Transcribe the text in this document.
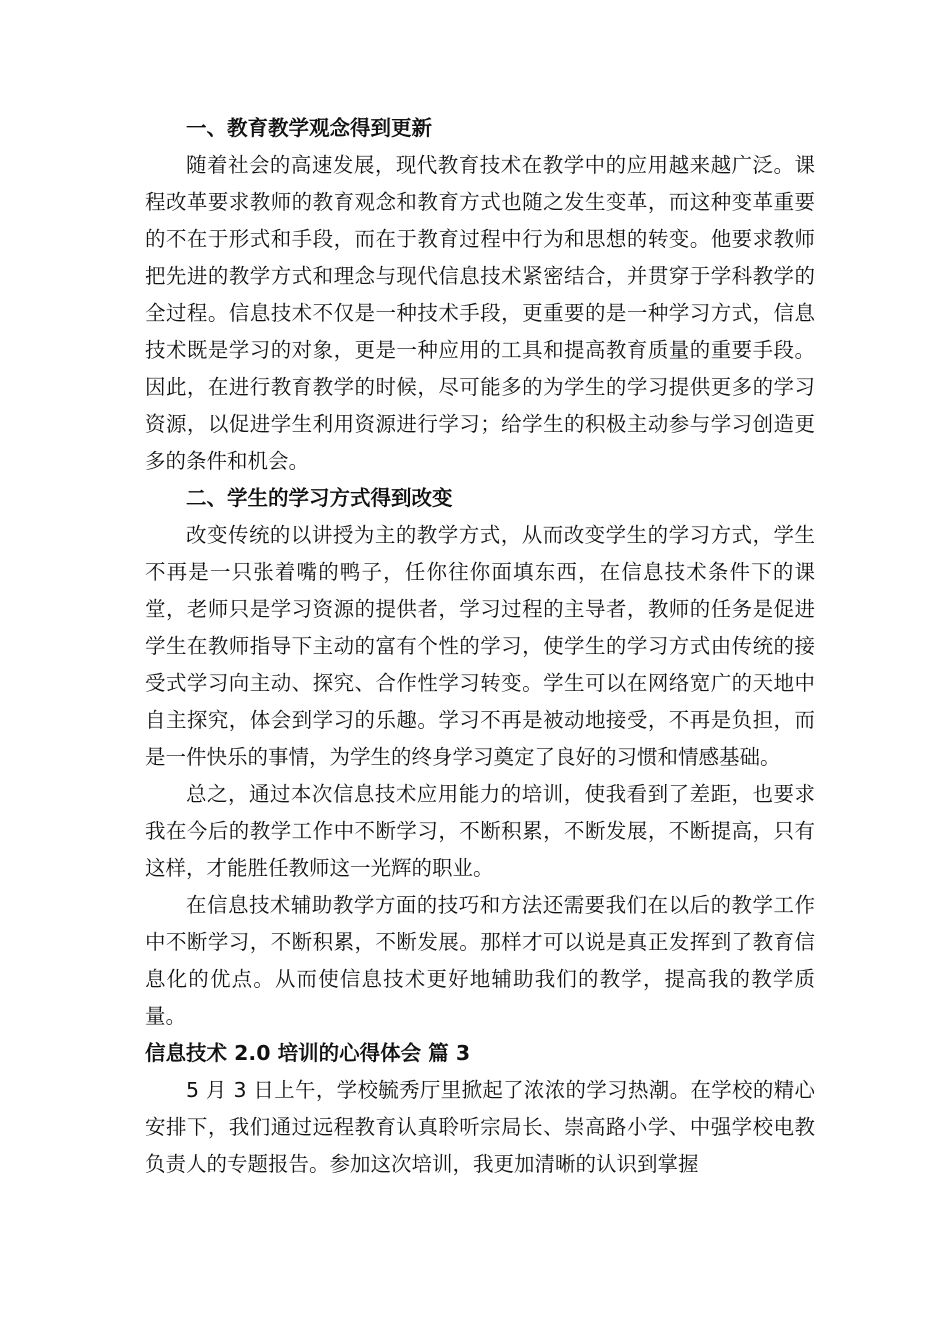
一、教育教学观念得到更新

随着社会的高速发展，现代教育技术在教学中的应用越来越广泛。课程改革要求教师的教育观念和教育方式也随之发生变革，而这种变革重要的不在于形式和手段，而在于教育过程中行为和思想的转变。他要求教师把先进的教学方式和理念与现代信息技术紧密结合，并贯穿于学科教学的全过程。信息技术不仅是一种技术手段，更重要的是一种学习方式，信息技术既是学习的对象，更是一种应用的工具和提高教育质量的重要手段。因此，在进行教育教学的时候，尽可能多的为学生的学习提供更多的学习资源，以促进学生利用资源进行学习；给学生的积极主动参与学习创造更多的条件和机会。

二、学生的学习方式得到改变

改变传统的以讲授为主的教学方式，从而改变学生的学习方式，学生不再是一只张着嘴的鸭子，任你往你面填东西，在信息技术条件下的课堂，老师只是学习资源的提供者，学习过程的主导者，教师的任务是促进学生在教师指导下主动的富有个性的学习，使学生的学习方式由传统的接受式学习向主动、探究、合作性学习转变。学生可以在网络宽广的天地中自主探究，体会到学习的乐趣。学习不再是被动地接受，不再是负担，而是一件快乐的事情，为学生的终身学习奠定了良好的习惯和情感基础。

总之，通过本次信息技术应用能力的培训，使我看到了差距，也要求我在今后的教学工作中不断学习，不断积累，不断发展，不断提高，只有这样，才能胜任教师这一光辉的职业。

在信息技术辅助教学方面的技巧和方法还需要我们在以后的教学工作中不断学习，不断积累，不断发展。那样才可以说是真正发挥到了教育信息化的优点。从而使信息技术更好地辅助我们的教学，提高我的教学质量。

信息技术 2.0 培训的心得体会 篇 3

5 月 3 日上午，学校毓秀厅里掀起了浓浓的学习热潮。在学校的精心安排下，我们通过远程教育认真聆听宗局长、崇高路小学、中强学校电教负责人的专题报告。参加这次培训，我更加清晰的认识到掌握
